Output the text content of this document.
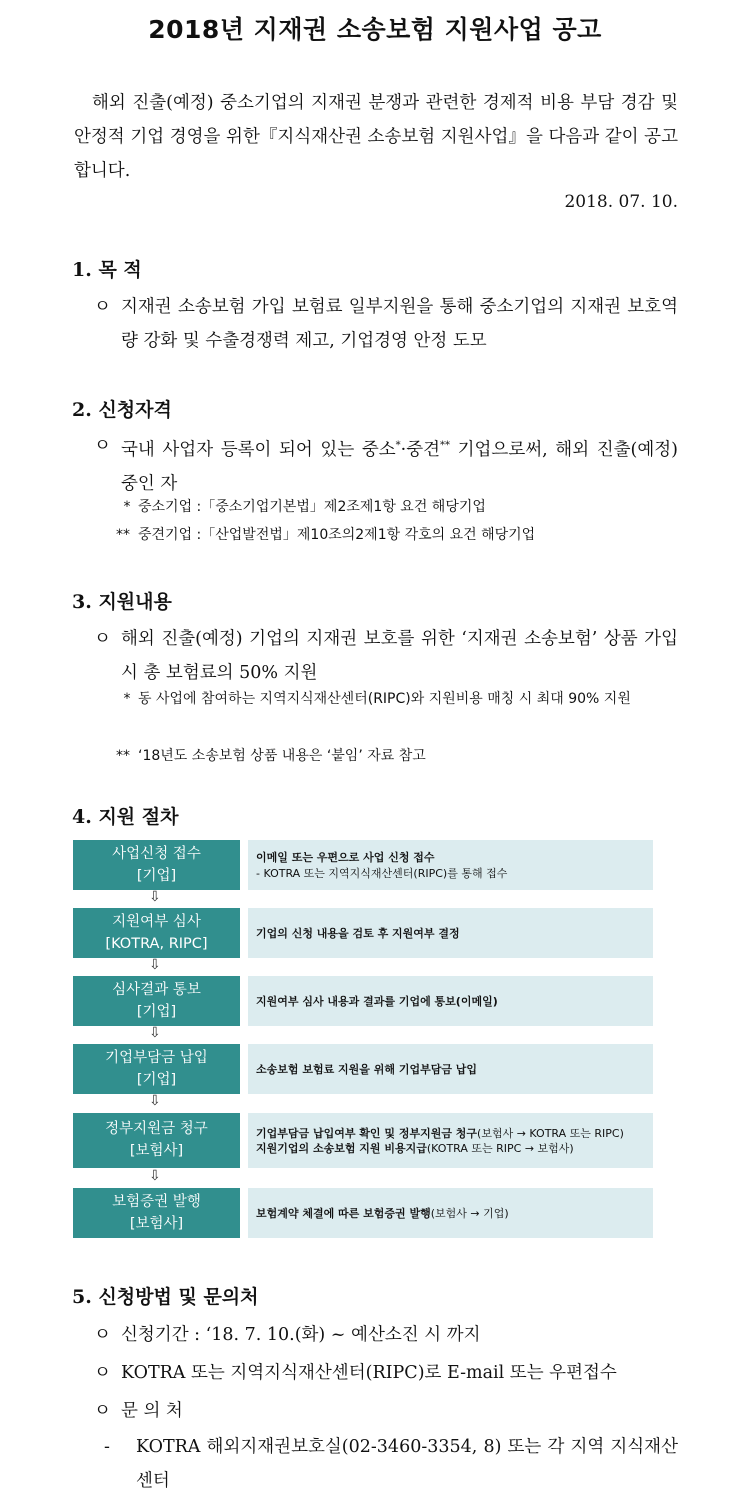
2018년 지재권 소송보험 지원사업 공고
해외 진출(예정) 중소기업의 지재권 분쟁과 관련한 경제적 비용 부담 경감 및 안정적 기업 경영을 위한『지식재산권 소송보험 지원사업』을 다음과 같이 공고합니다.
2018. 07. 10.
1. 목 적
ㅇ 지재권 소송보험 가입 보험료 일부지원을 통해 중소기업의 지재권 보호역량 강화 및 수출경쟁력 제고, 기업경영 안정 도모
2. 신청자격
ㅇ 국내 사업자 등록이 되어 있는 중소*·중견** 기업으로써, 해외 진출(예정)중인 자
* 중소기업 :「중소기업기본법」제2조제1항 요건 해당기업
** 중견기업 :「산업발전법」제10조의2제1항 각호의 요건 해당기업
3. 지원내용
ㅇ 해외 진출(예정) 기업의 지재권 보호를 위한 ‘지재권 소송보험’ 상품 가입 시 총 보험료의 50% 지원
* 동 사업에 참여하는 지역지식재산센터(RIPC)와 지원비용 매칭 시 최대 90% 지원
** ‘18년도 소송보험 상품 내용은 ‘붙임’ 자료 참고
4. 지원 절차
사업신청 접수
[기업]
이메일 또는 우편으로 사업 신청 접수
- KOTRA 또는 지역지식재산센터(RIPC)를 통해 접수
⇩
지원여부 심사
[KOTRA, RIPC]
기업의 신청 내용을 검토 후 지원여부 결정
⇩
심사결과 통보
[기업]
지원여부 심사 내용과 결과를 기업에 통보(이메일)
⇩
기업부담금 납입
[기업]
소송보험 보험료 지원을 위해 기업부담금 납입
⇩
정부지원금 청구
[보험사]
기업부담금 납입여부 확인 및 정부지원금 청구(보험사 → KOTRA 또는 RIPC)
지원기업의 소송보험 지원 비용지급(KOTRA 또는 RIPC → 보험사)
⇩
보험증권 발행
[보험사]
보험계약 체결에 따른 보험증권 발행(보험사 → 기업)
5. 신청방법 및 문의처
ㅇ 신청기간 : ‘18. 7. 10.(화) ~ 예산소진 시 까지
ㅇ KOTRA 또는 지역지식재산센터(RIPC)로 E-mail 또는 우편접수
ㅇ 문 의 처
-	KOTRA 해외지재권보호실(02-3460-3354, 8) 또는 각 지역 지식재산센터
